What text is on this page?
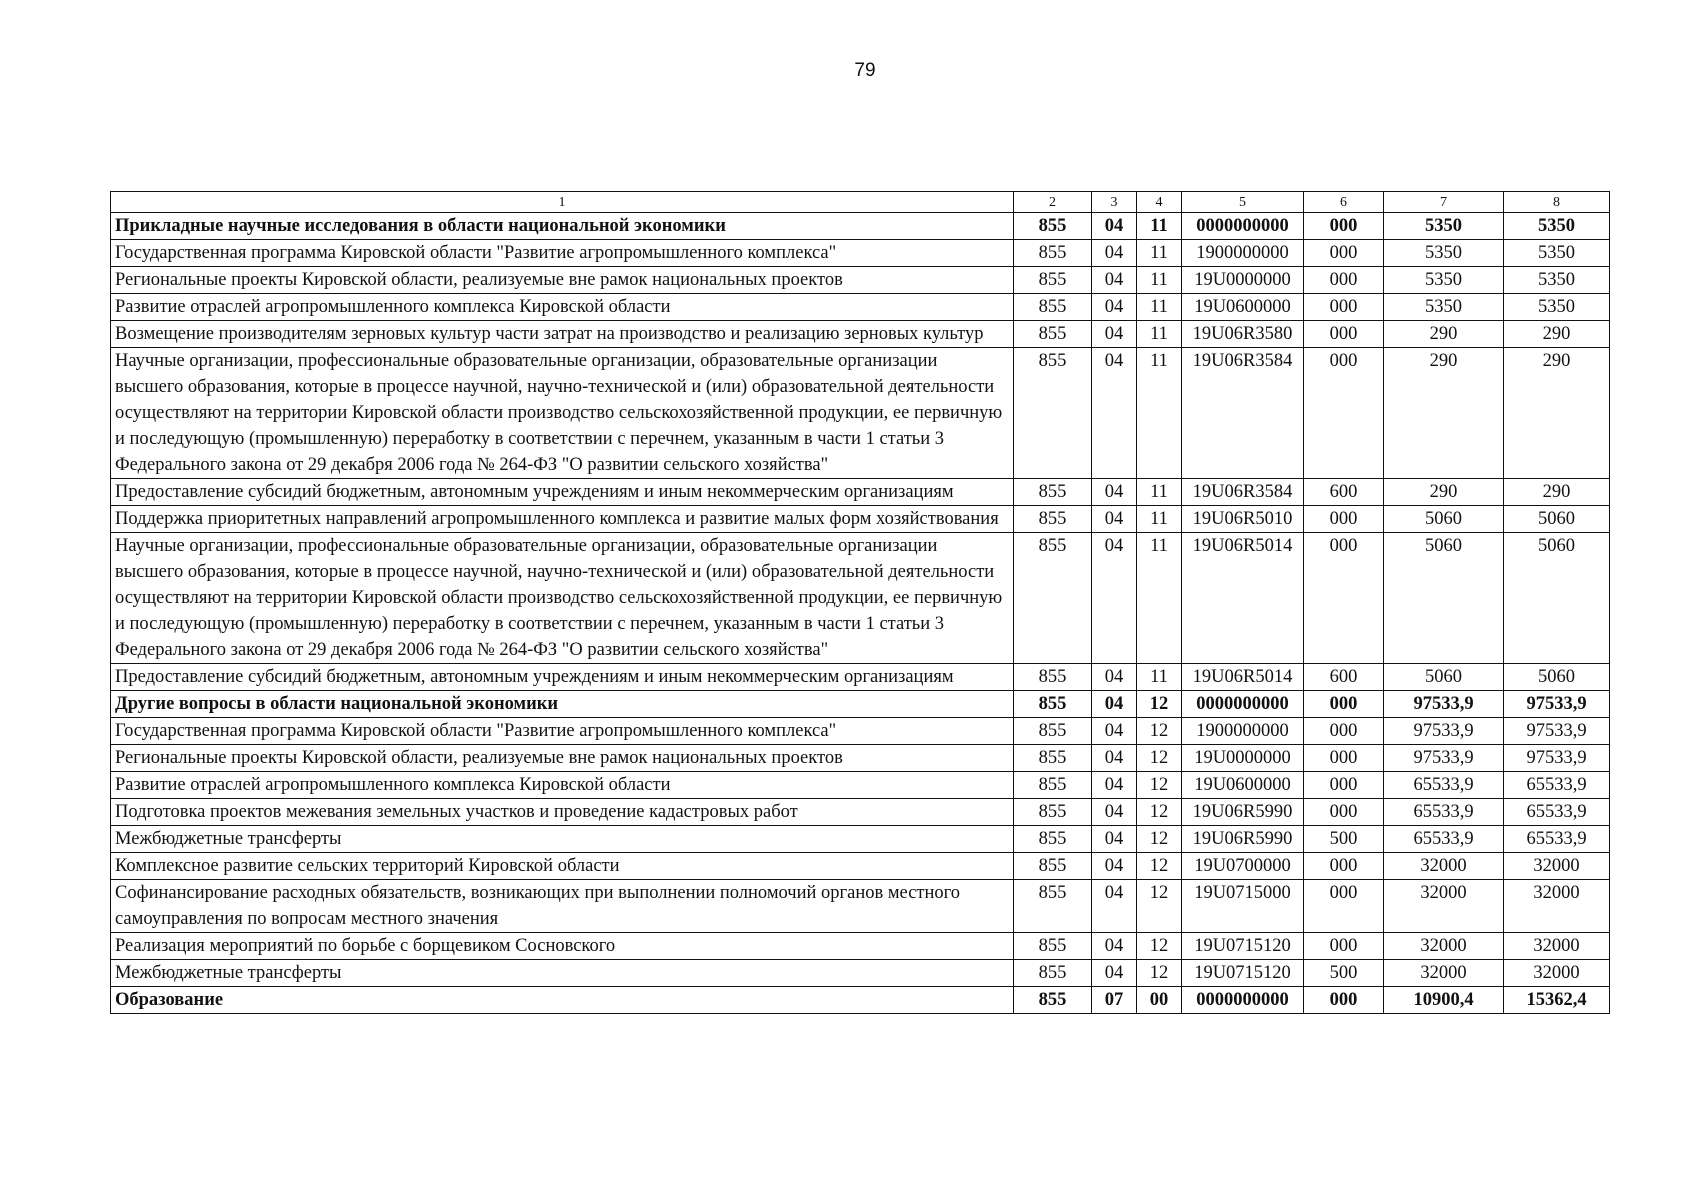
79
1	2	3	4	5	6	7	8
Прикладные научные исследования в области национальной экономики	855	04	11	0000000000	000	5350	5350
Государственная программа Кировской области "Развитие агропромышленного комплекса"	855	04	11	1900000000	000	5350	5350
Региональные проекты Кировской области, реализуемые вне рамок национальных проектов	855	04	11	19U0000000	000	5350	5350
Развитие отраслей агропромышленного комплекса Кировской области	855	04	11	19U0600000	000	5350	5350
Возмещение производителям зерновых культур части затрат на производство и реализацию зерновых культур	855	04	11	19U06R3580	000	290	290
Научные организации, профессиональные образовательные организации, образовательные организации высшего образования, которые в процессе научной, научно-технической и (или) образовательной деятельности осуществляют на территории Кировской области производство сельскохозяйственной продукции, ее первичную и последующую (промышленную) переработку в соответствии с перечнем, указанным в части 1 статьи 3 Федерального закона от 29 декабря 2006 года № 264-ФЗ "О развитии сельского хозяйства"	855	04	11	19U06R3584	000	290	290
Предоставление субсидий бюджетным, автономным учреждениям и иным некоммерческим организациям	855	04	11	19U06R3584	600	290	290
Поддержка приоритетных направлений агропромышленного комплекса и развитие малых форм хозяйствования	855	04	11	19U06R5010	000	5060	5060
Научные организации, профессиональные образовательные организации, образовательные организации высшего образования, которые в процессе научной, научно-технической и (или) образовательной деятельности осуществляют на территории Кировской области производство сельскохозяйственной продукции, ее первичную и последующую (промышленную) переработку в соответствии с перечнем, указанным в части 1 статьи 3 Федерального закона от 29 декабря 2006 года № 264-ФЗ "О развитии сельского хозяйства"	855	04	11	19U06R5014	000	5060	5060
Предоставление субсидий бюджетным, автономным учреждениям и иным некоммерческим организациям	855	04	11	19U06R5014	600	5060	5060
Другие вопросы в области национальной экономики	855	04	12	0000000000	000	97533,9	97533,9
Государственная программа Кировской области "Развитие агропромышленного комплекса"	855	04	12	1900000000	000	97533,9	97533,9
Региональные проекты Кировской области, реализуемые вне рамок национальных проектов	855	04	12	19U0000000	000	97533,9	97533,9
Развитие отраслей агропромышленного комплекса Кировской области	855	04	12	19U0600000	000	65533,9	65533,9
Подготовка проектов межевания земельных участков и проведение кадастровых работ	855	04	12	19U06R5990	000	65533,9	65533,9
Межбюджетные трансферты	855	04	12	19U06R5990	500	65533,9	65533,9
Комплексное развитие сельских территорий Кировской области	855	04	12	19U0700000	000	32000	32000
Софинансирование расходных обязательств, возникающих при выполнении полномочий органов местного самоуправления по вопросам местного значения	855	04	12	19U0715000	000	32000	32000
Реализация мероприятий по борьбе с борщевиком Сосновского	855	04	12	19U0715120	000	32000	32000
Межбюджетные трансферты	855	04	12	19U0715120	500	32000	32000
Образование	855	07	00	0000000000	000	10900,4	15362,4
